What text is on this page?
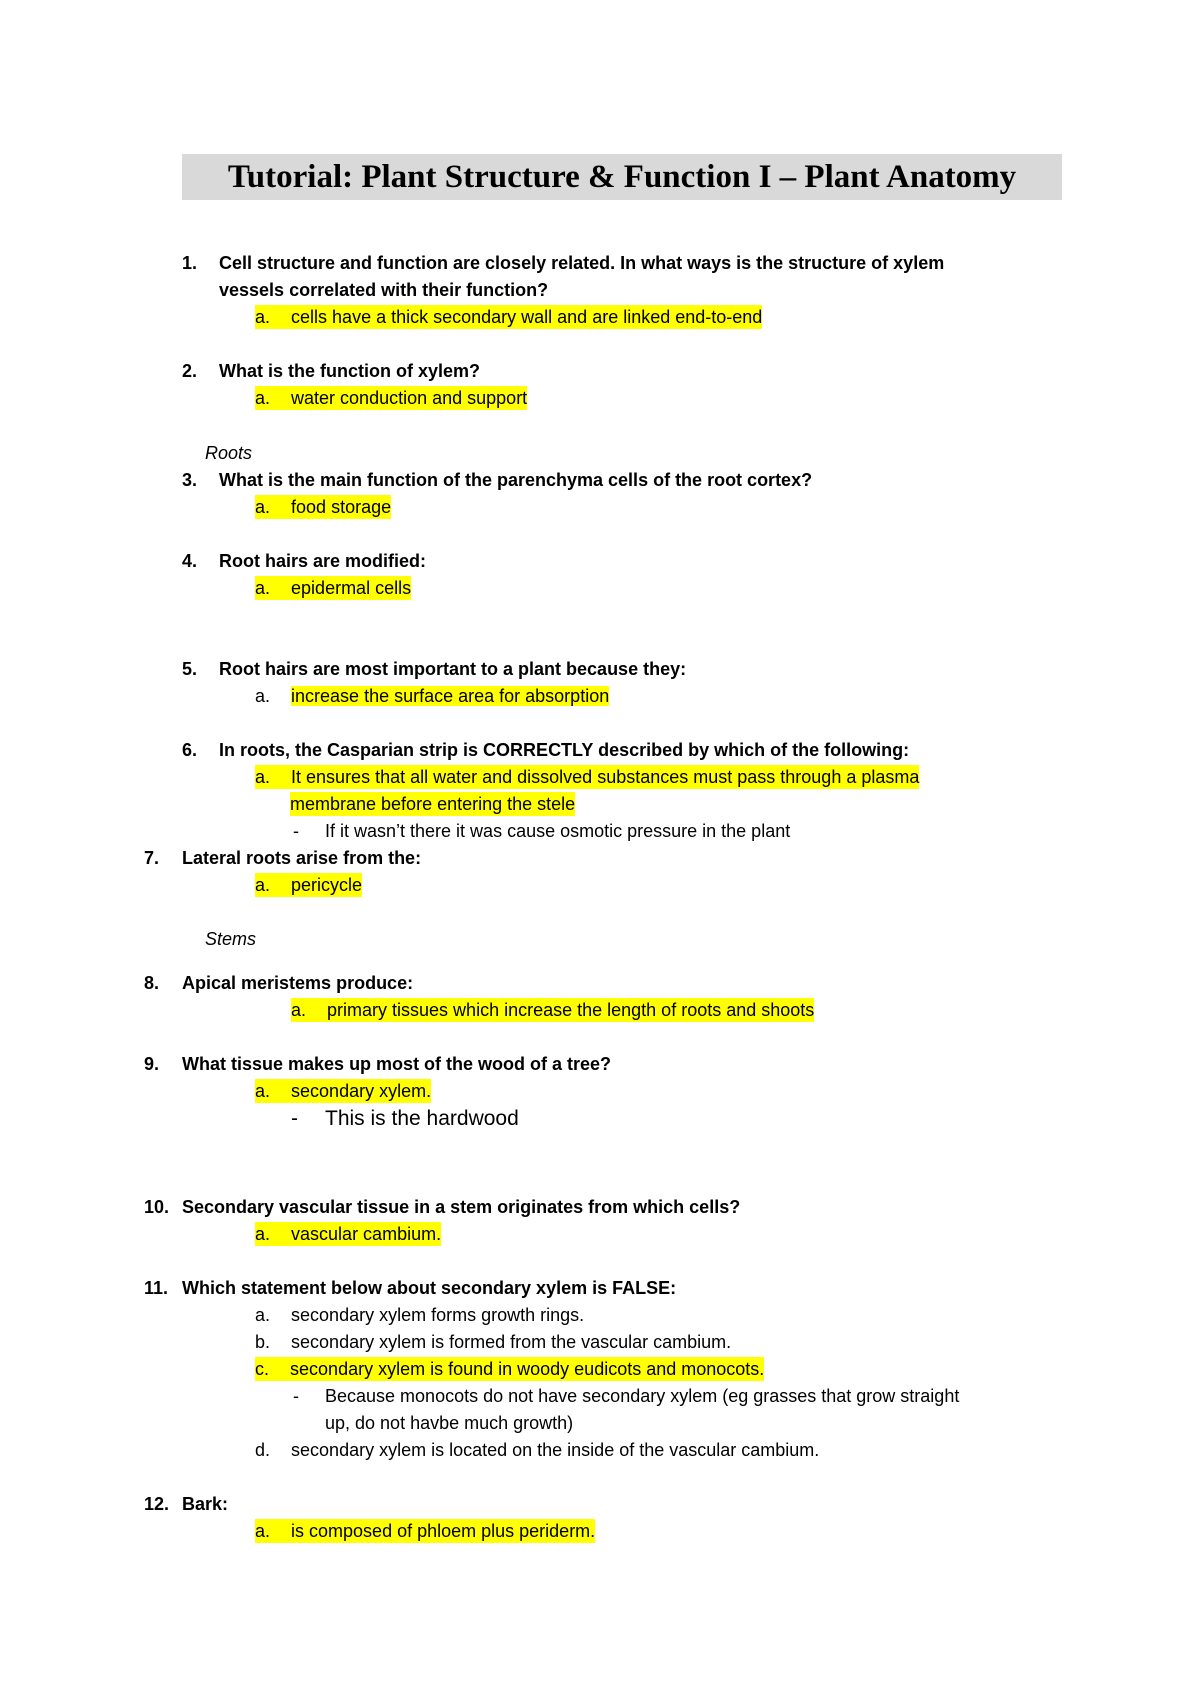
Tutorial: Plant Structure & Function I – Plant Anatomy
1. Cell structure and function are closely related. In what ways is the structure of xylem
vessels correlated with their function?
a. cells have a thick secondary wall and are linked end-to-end
2. What is the function of xylem?
a. water conduction and support
Roots
3. What is the main function of the parenchyma cells of the root cortex?
a. food storage
4. Root hairs are modified:
a. epidermal cells
5. Root hairs are most important to a plant because they:
a. increase the surface area for absorption
6. In roots, the Casparian strip is CORRECTLY described by which of the following:
a. It ensures that all water and dissolved substances must pass through a plasma
membrane before entering the stele
- If it wasn’t there it was cause osmotic pressure in the plant
7. Lateral roots arise from the:
a. pericycle
Stems
8. Apical meristems produce:
a. primary tissues which increase the length of roots and shoots
9. What tissue makes up most of the wood of a tree?
a. secondary xylem.
- This is the hardwood
10. Secondary vascular tissue in a stem originates from which cells?
a. vascular cambium.
11. Which statement below about secondary xylem is FALSE:
a. secondary xylem forms growth rings.
b. secondary xylem is formed from the vascular cambium.
c. secondary xylem is found in woody eudicots and monocots.
- Because monocots do not have secondary xylem (eg grasses that grow straight
up, do not havbe much growth)
d. secondary xylem is located on the inside of the vascular cambium.
12. Bark:
a. is composed of phloem plus periderm.
